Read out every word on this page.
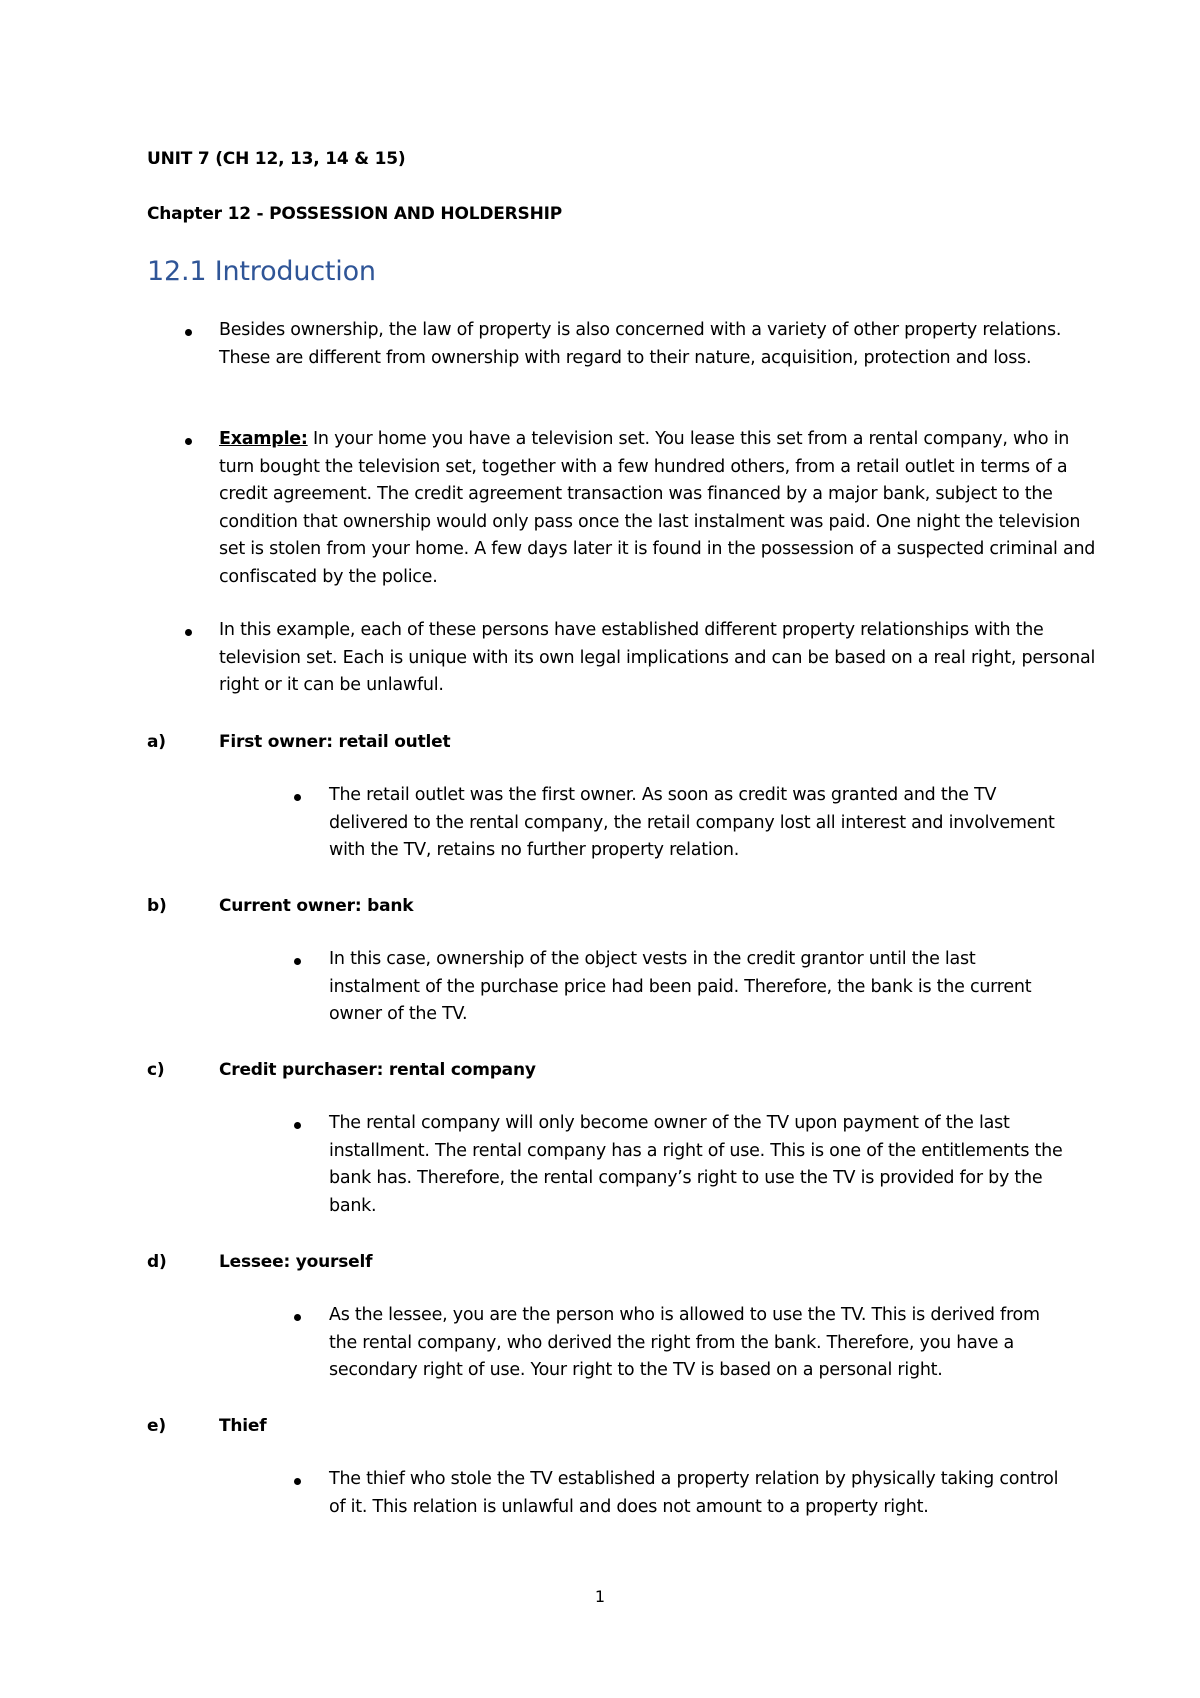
UNIT 7 (CH 12, 13, 14 & 15)
Chapter 12 - POSSESSION AND HOLDERSHIP
12.1 Introduction
Besides ownership, the law of property is also concerned with a variety of other property relations. These are different from ownership with regard to their nature, acquisition, protection and loss.
Example: In your home you have a television set. You lease this set from a rental company, who in turn bought the television set, together with a few hundred others, from a retail outlet in terms of a credit agreement. The credit agreement transaction was financed by a major bank, subject to the condition that ownership would only pass once the last instalment was paid. One night the television set is stolen from your home. A few days later it is found in the possession of a suspected criminal and confiscated by the police.
In this example, each of these persons have established different property relationships with the television set. Each is unique with its own legal implications and can be based on a real right, personal right or it can be unlawful.
a)	First owner: retail outlet
The retail outlet was the first owner. As soon as credit was granted and the TV delivered to the rental company, the retail company lost all interest and involvement with the TV, retains no further property relation.
b)	Current owner: bank
In this case, ownership of the object vests in the credit grantor until the last instalment of the purchase price had been paid. Therefore, the bank is the current owner of the TV.
c)	Credit purchaser: rental company
The rental company will only become owner of the TV upon payment of the last installment. The rental company has a right of use. This is one of the entitlements the bank has. Therefore, the rental company’s right to use the TV is provided for by the bank.
d)	Lessee: yourself
As the lessee, you are the person who is allowed to use the TV. This is derived from the rental company, who derived the right from the bank. Therefore, you have a secondary right of use. Your right to the TV is based on a personal right.
e)	Thief
The thief who stole the TV established a property relation by physically taking control of it. This relation is unlawful and does not amount to a property right.
1
